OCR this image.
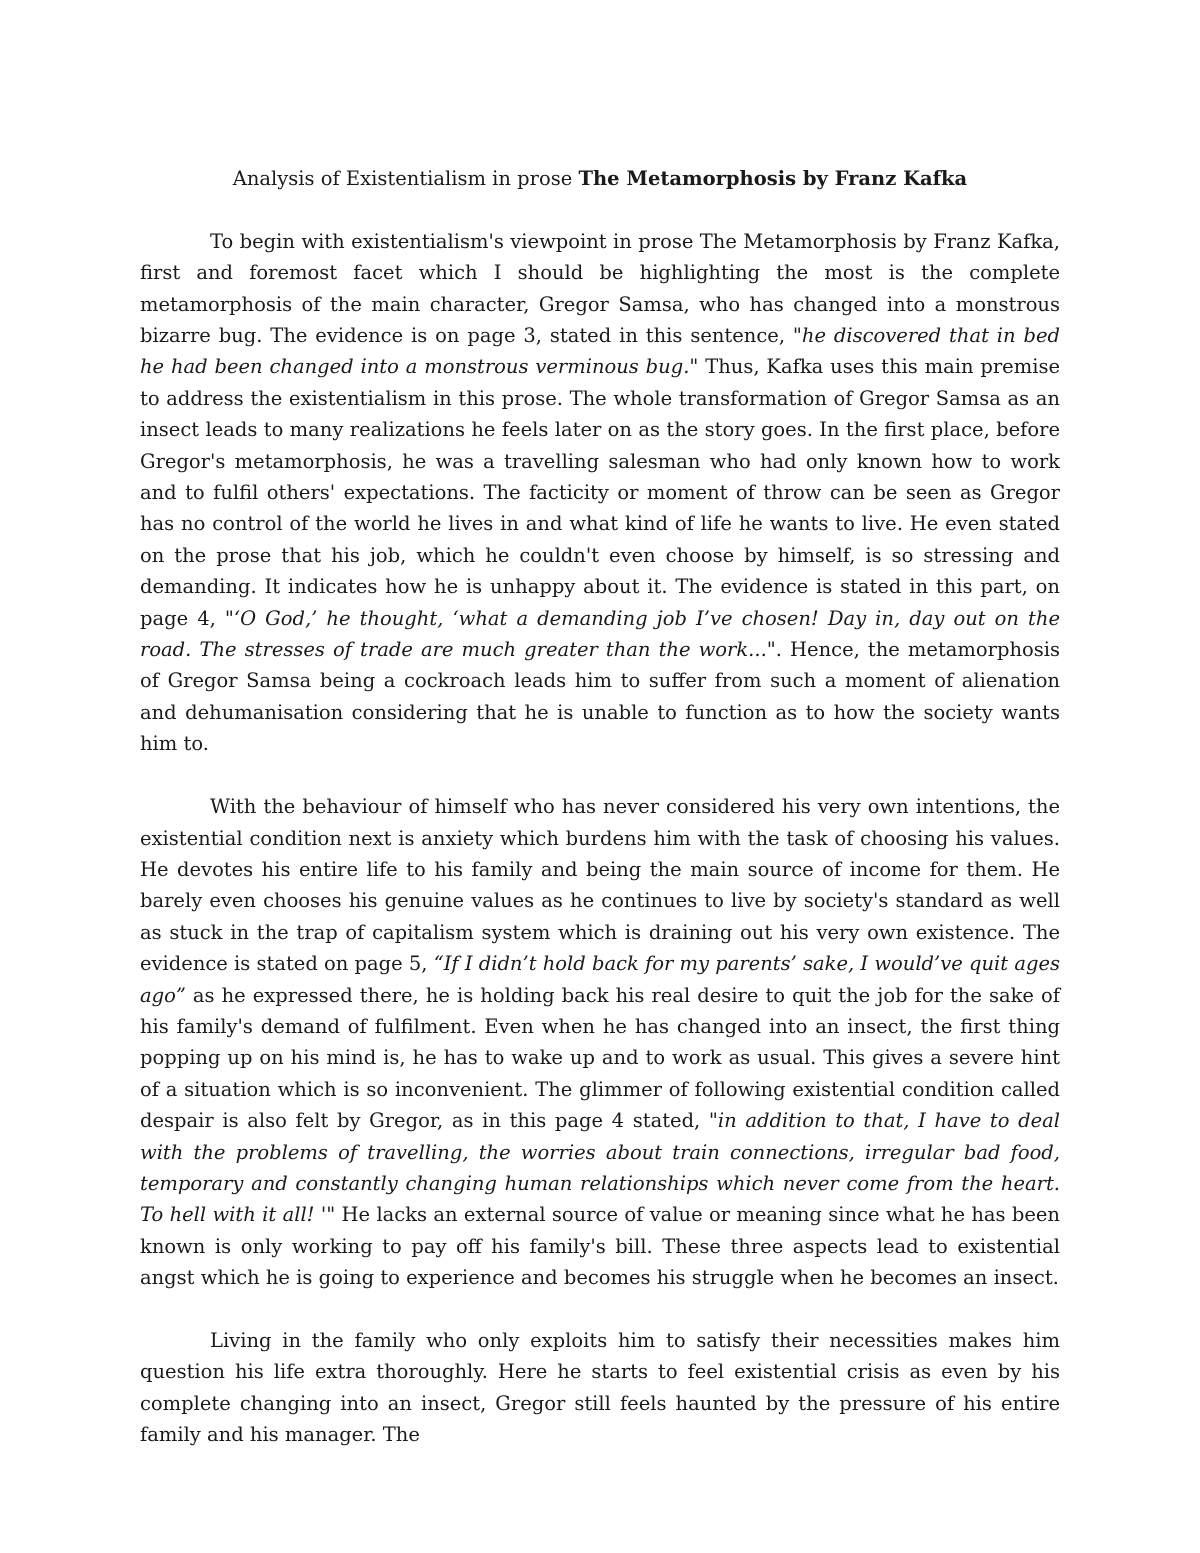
Analysis of Existentialism in prose The Metamorphosis by Franz Kafka

To begin with existentialism's viewpoint in prose The Metamorphosis by Franz Kafka, first and foremost facet which I should be highlighting the most is the complete metamorphosis of the main character, Gregor Samsa, who has changed into a monstrous bizarre bug. The evidence is on page 3, stated in this sentence, "he discovered that in bed he had been changed into a monstrous verminous bug." Thus, Kafka uses this main premise to address the existentialism in this prose. The whole transformation of Gregor Samsa as an insect leads to many realizations he feels later on as the story goes. In the first place, before Gregor's metamorphosis, he was a travelling salesman who had only known how to work and to fulfil others' expectations. The facticity or moment of throw can be seen as Gregor has no control of the world he lives in and what kind of life he wants to live. He even stated on the prose that his job, which he couldn't even choose by himself, is so stressing and demanding. It indicates how he is unhappy about it. The evidence is stated in this part, on page 4, "‘O God,’ he thought, ‘what a demanding job I’ve chosen! Day in, day out on the road. The stresses of trade are much greater than the work...". Hence, the metamorphosis of Gregor Samsa being a cockroach leads him to suffer from such a moment of alienation and dehumanisation considering that he is unable to function as to how the society wants him to.

With the behaviour of himself who has never considered his very own intentions, the existential condition next is anxiety which burdens him with the task of choosing his values. He devotes his entire life to his family and being the main source of income for them. He barely even chooses his genuine values as he continues to live by society's standard as well as stuck in the trap of capitalism system which is draining out his very own existence. The evidence is stated on page 5, “If I didn’t hold back for my parents’ sake, I would’ve quit ages ago” as he expressed there, he is holding back his real desire to quit the job for the sake of his family's demand of fulfilment. Even when he has changed into an insect, the first thing popping up on his mind is, he has to wake up and to work as usual. This gives a severe hint of a situation which is so inconvenient. The glimmer of following existential condition called despair is also felt by Gregor, as in this page 4 stated, "in addition to that, I have to deal with the problems of travelling, the worries about train connections, irregular bad food, temporary and constantly changing human relationships which never come from the heart. To hell with it all! '" He lacks an external source of value or meaning since what he has been known is only working to pay off his family's bill. These three aspects lead to existential angst which he is going to experience and becomes his struggle when he becomes an insect.

Living in the family who only exploits him to satisfy their necessities makes him question his life extra thoroughly. Here he starts to feel existential crisis as even by his complete changing into an insect, Gregor still feels haunted by the pressure of his entire family and his manager. The
